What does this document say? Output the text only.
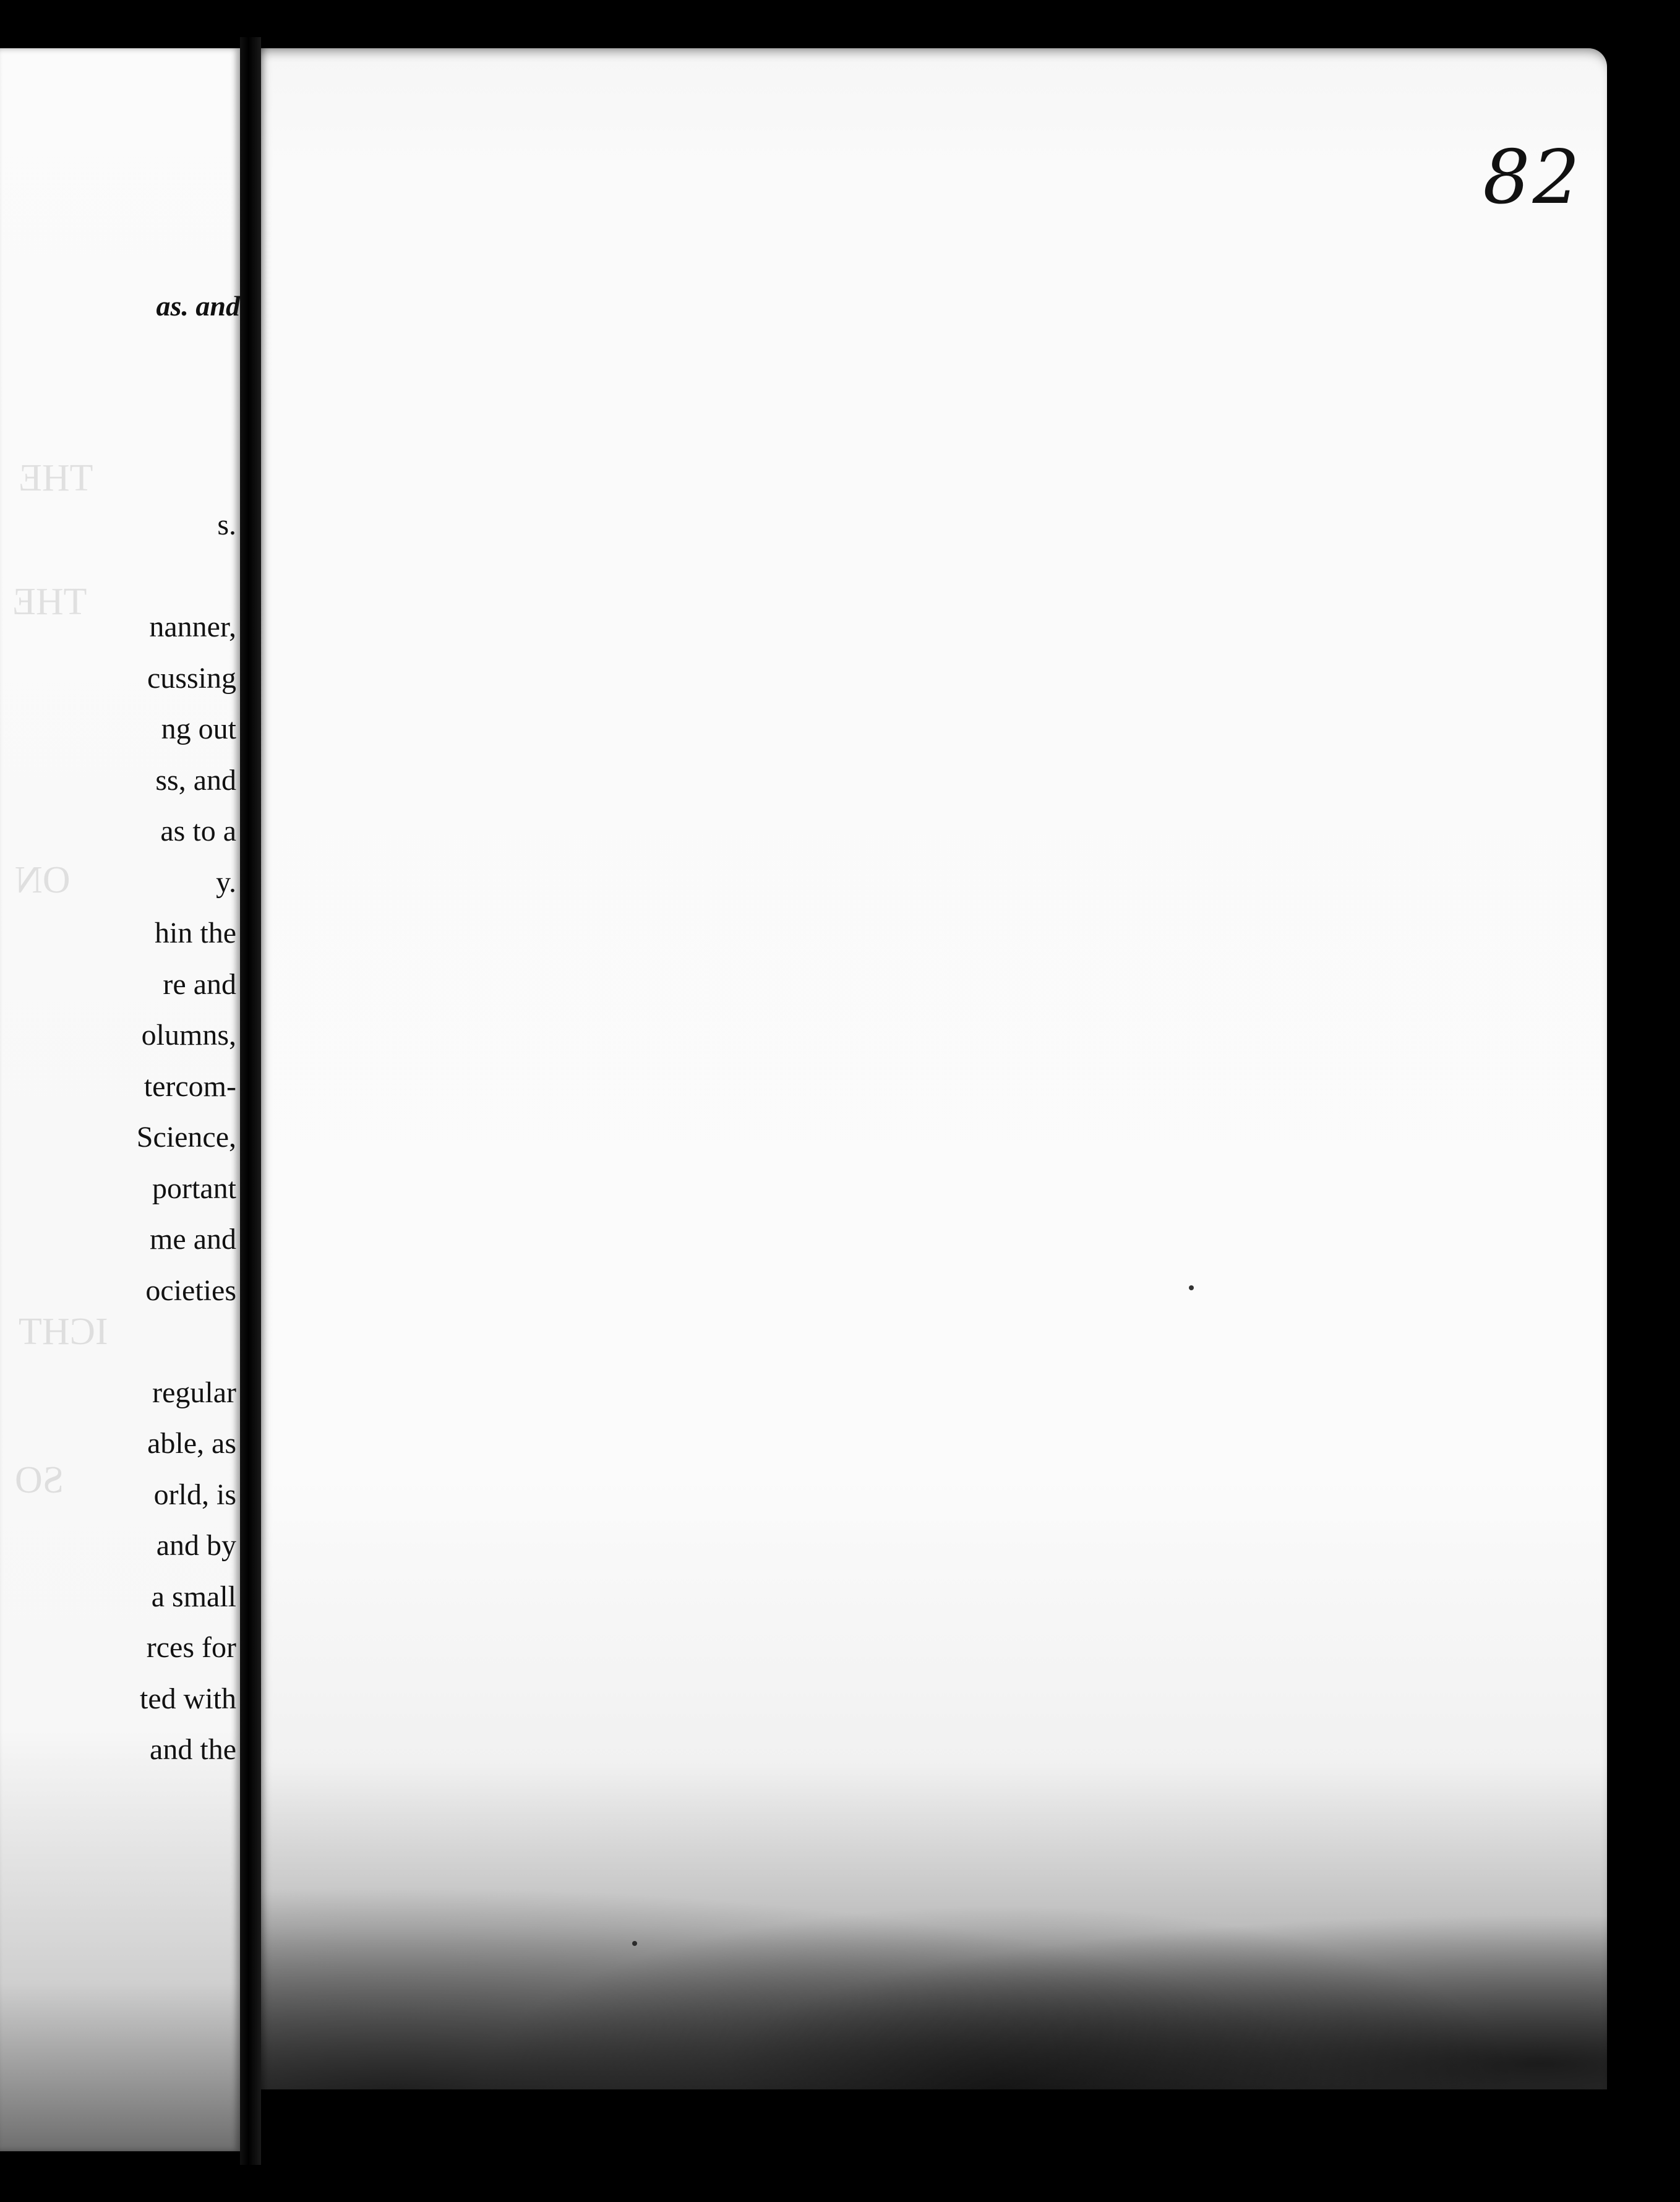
THE
THE
ON
ICHT
SO
as. and
s.
nanner,
cussing
ng out
ss, and
as to a
y.
hin the
re and
olumns,
tercom-
Science,
portant
me and
ocieties
regular
able, as
orld, is
and by
a small
rces for
ted with
and the
82
